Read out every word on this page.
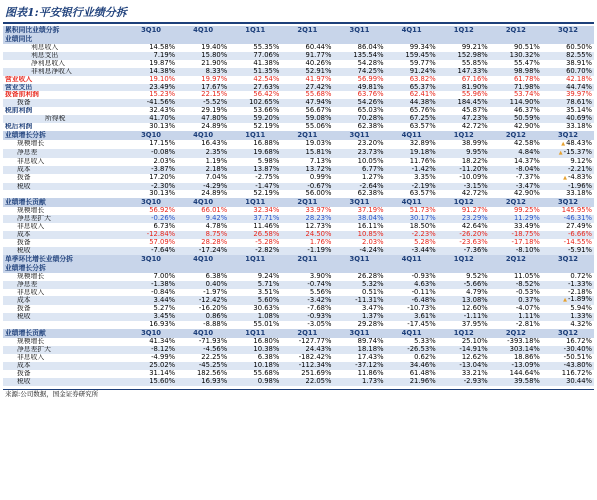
图表1:平安银行业绩分拆
累积同比业绩分拆	3Q10	4Q10	1Q11	2Q11	3Q11	4Q11	1Q12	2Q12	3Q12
业绩同比									
利息收入	14.58%	19.40%	55.35%	60.44%	86.04%	99.34%	99.21%	90.51%	60.50%
利息支出	7.19%	15.80%	77.06%	91.77%	135.54%	159.45%	152.98%	130.32%	82.55%
净利息收入	19.87%	21.90%	41.38%	40.26%	54.28%	59.77%	55.85%	55.47%	38.91%
非利息净收入	14.38%	8.33%	51.35%	52.91%	74.25%	91.24%	147.33%	98.98%	60.70%
营业收入	19.10%	19.97%	42.54%	41.97%	56.99%	63.82%	67.16%	61.78%	42.18%
营业支出	23.49%	17.67%	27.63%	27.42%	49.81%	65.37%	81.90%	71.98%	44.74%
拨备前利润	15.23%	22.15%	56.42%	55.68%	63.76%	62.41%	55.96%	53.74%	39.97%
拨备	-41.56%	-5.52%	102.65%	47.94%	54.26%	44.38%	184.45%	114.90%	78.61%
税前利润	32.43%	29.19%	53.66%	56.67%	65.03%	65.76%	45.87%	46.37%	35.14%
所得税	41.70%	47.80%	59.20%	59.08%	70.28%	67.25%	47.23%	50.59%	40.69%
税后利润	30.13%	24.89%	52.19%	55.06%	62.38%	63.57%	42.72%	42.90%	33.18%
业绩增长分拆	3Q10	4Q10	1Q11	2Q11	3Q11	4Q11	1Q12	2Q12	3Q12
规模增长	17.15%	16.43%	16.88%	19.03%	23.20%	32.89%	38.99%	42.58%	▲48.43%
净息差	-0.08%	2.35%	19.68%	15.81%	23.73%	19.18%	9.95%	4.84%	▲-15.37%
非息收入	2.03%	1.19%	5.98%	7.13%	10.05%	11.76%	18.22%	14.37%	9.12%
成本	-3.87%	2.18%	13.87%	13.72%	6.77%	-1.42%	-11.20%	-8.04%	-2.21%
拨备	17.20%	7.04%	-2.75%	0.99%	1.27%	3.35%	-10.09%	-7.37%	▲-4.83%
税收	-2.30%	-4.29%	-1.47%	-0.67%	-2.64%	-2.19%	-3.15%	-3.47%	-1.96%
	30.13%	24.89%	52.19%	56.00%	62.38%	63.57%	42.72%	42.90%	33.18%
业绩增长贡献	3Q10	4Q10	1Q11	2Q11	3Q11	4Q11	1Q12	2Q12	3Q12
规模增长	56.92%	66.01%	32.34%	33.97%	37.19%	51.73%	91.27%	99.25%	145.95%
净息差扩大	-0.26%	9.42%	37.71%	28.23%	38.04%	30.17%	23.29%	11.29%	-46.31%
非息收入	6.73%	4.78%	11.46%	12.73%	16.11%	18.50%	42.64%	33.49%	27.49%
成本	-12.84%	8.75%	26.58%	24.50%	10.85%	-2.23%	-26.20%	-18.75%	-6.66%
拨备	57.09%	28.28%	-5.28%	1.76%	2.03%	5.28%	-23.63%	-17.18%	-14.55%
税收	-7.64%	-17.24%	-2.82%	-1.19%	-4.24%	-3.44%	-7.36%	-8.10%	-5.91%
单季环比增长业绩分拆	3Q10	4Q10	1Q11	2Q11	3Q11	4Q11	1Q12	2Q12	3Q12
业绩增长分拆									
规模增长	7.00%	6.38%	9.24%	3.90%	26.28%	-0.93%	9.52%	11.05%	0.72%
净息差	-1.38%	0.40%	5.71%	-0.74%	5.32%	4.63%	-5.66%	-8.52%	-1.33%
非息收入	-0.84%	-1.97%	3.51%	5.56%	0.51%	-0.11%	4.79%	-0.53%	-2.18%
成本	3.44%	-12.42%	5.60%	-3.42%	-11.31%	-6.48%	13.08%	0.37%	▲-1.89%
拨备	5.27%	-16.20%	30.63%	-7.68%	3.47%	-10.73%	12.60%	-4.07%	5.94%
税收	3.45%	0.86%	1.08%	-0.93%	1.37%	3.61%	-1.11%	1.11%	1.33%
	16.93%	-8.88%	55.01%	-3.05%	29.28%	-17.45%	37.95%	-2.81%	4.32%
业绩增长贡献	3Q10	4Q10	1Q11	2Q11	3Q11	4Q11	1Q12	2Q12	3Q12
规模增长	41.34%	-71.93%	16.80%	-127.77%	89.74%	5.33%	25.10%	-393.18%	16.72%
净息差扩大	-8.12%	-4.56%	10.38%	24.43%	18.18%	-26.53%	-14.91%	303.14%	-30.40%
非息收入	-4.99%	22.25%	6.38%	-182.42%	17.43%	0.62%	12.62%	18.86%	-50.51%
成本	25.02%	-45.25%	10.18%	-112.34%	-37.12%	34.46%	-13.04%	-13.09%	-43.80%
拨备	31.14%	182.56%	55.68%	251.69%	11.86%	61.48%	33.21%	144.64%	116.72%
税收	15.60%	16.93%	0.98%	22.05%	1.73%	21.96%	-2.93%	39.58%	30.44%
来源:公司数据，国金证券研究所
